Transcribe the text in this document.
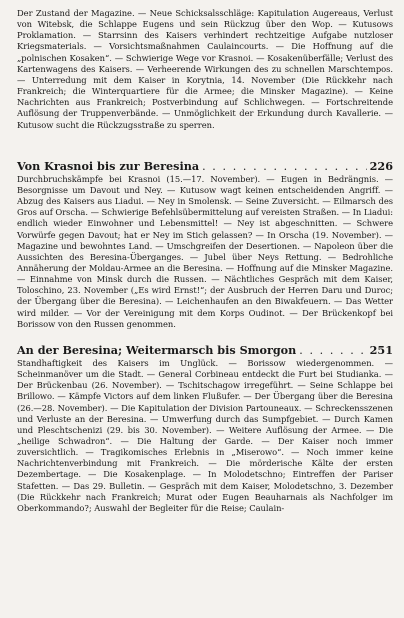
Der Zustand der Magazine. — Neue Schicksalsschläge: Kapitulation Augereaus, Verlust von Witebsk, die Schlappe Eugens und sein Rückzug über den Wop. — Kutusows Proklamation. — Starrsinn des Kaisers verhindert rechtzeitige Aufgabe nutzloser Kriegsmaterials. — Vorsichtsmaßnahmen Caulaincourts. — Die Hoffnung auf die „polnischen Kosaken“. — Schwierige Wege vor Krasnoi. — Kosakenüberfälle; Verlust des Kartenwagens des Kaisers. — Verheerende Wirkungen des zu schnellen Marschtempos. — Unterredung mit dem Kaiser in Korytnia, 14. November (Die Rückkehr nach Frankreich; die Winterquartiere für die Armee; die Minsker Magazine). — Keine Nachrichten aus Frankreich; Postverbindung auf Schlichwegen. — Fortschreitende Auflösung der Truppenverbände. — Unmöglichkeit der Erkundung durch Kavallerie. — Kutusow sucht die Rückzugsstraße zu sperren.

Von Krasnoi bis zur Beresina . . .	226

Durchbruchskämpfe bei Krasnoi (15.—17. November). — Eugen in Bedrängnis. — Besorgnisse um Davout und Ney. — Kutusow wagt keinen entscheidenden Angriff. — Abzug des Kaisers aus Liadui. — Ney in Smolensk. — Seine Zuversicht. — Eilmarsch des Gros auf Orscha. — Schwierige Befehlsübermittelung auf vereisten Straßen. — In Liadui: endlich wieder Einwohner und Lebensmittel! — Ney ist abgeschnitten. — Schwere Vorwürfe gegen Davout; hat er Ney im Stich gelassen? — In Orscha (19. November). — Magazine und bewohntes Land. — Umschgreifen der Desertionen. — Napoleon über die Aussichten des Beresina-Überganges. — Jubel über Neys Rettung. — Bedrohliche Annäherung der Moldau-Armee an die Beresina. — Hoffnung auf die Minsker Magazine. — Einnahme von Minsk durch die Russen. — Nächtliches Gespräch mit dem Kaiser, Toloschino, 23. November („Es wird Ernst!“; der Ausbruch der Herren Daru und Duroc; der Übergang über die Beresina). — Leichenhaufen an den Biwakfeuern. — Das Wetter wird milder. — Vor der Vereinigung mit dem Korps Oudinot. — Der Brückenkopf bei Borissow von den Russen genommen.

An der Beresina; Weitermarsch bis Smorgon . . .	251

Standhaftigkeit des Kaisers im Unglück. — Borissow wiedergenommen. — Scheinmanöver um die Stadt. — General Corbineau entdeckt die Furt bei Studianka. — Der Brückenbau (26. November). — Tschitschagow irregeführt. — Seine Schlappe bei Brillowo. — Kämpfe Victors auf dem linken Flußufer. — Der Übergang über die Beresina (26.—28. November). — Die Kapitulation der Division Partouneaux. — Schreckensszenen und Verluste an der Beresina. — Umwerfung durch das Sumpfgebiet. — Durch Kamen und Pleschtschenizi (29. bis 30. November). — Weitere Auflösung der Armee. — Die „heilige Schwadron“. — Die Haltung der Garde. — Der Kaiser noch immer zuversichtlich. — Tragikomisches Erlebnis in „Miserowo“. — Noch immer keine Nachrichtenverbindung mit Frankreich. — Die mörderische Kälte der ersten Dezembertage. — Die Kosakenplage. — In Molodetschno; Eintreffen der Pariser Stafetten. — Das 29. Bulletin. — Gespräch mit dem Kaiser, Molodetschno, 3. Dezember (Die Rückkehr nach Frankreich; Murat oder Eugen Beauharnais als Nachfolger im Oberkommando?; Auswahl der Begleiter für die Reise; Caulain-
